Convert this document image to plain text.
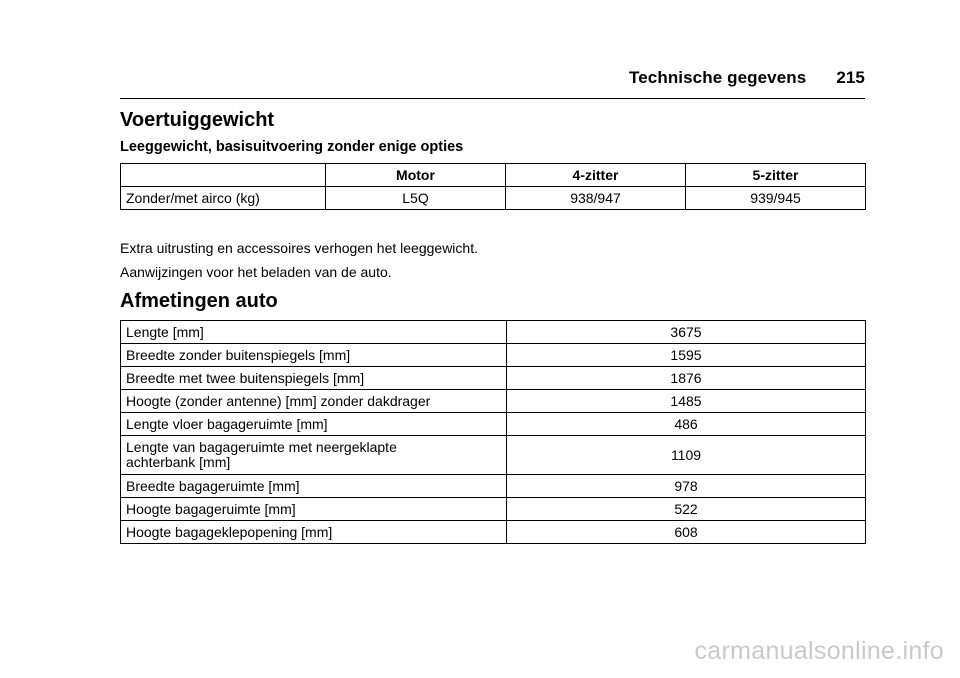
Technische gegevens 215
Voertuiggewicht
Leeggewicht, basisuitvoering zonder enige opties
	Motor	4-zitter	5-zitter
Zonder/met airco (kg)	L5Q	938/947	939/945

Extra uitrusting en accessoires verhogen het leeggewicht.

Aanwijzingen voor het beladen van de auto.

Afmetingen auto
Lengte [mm]	3675
Breedte zonder buitenspiegels [mm]	1595
Breedte met twee buitenspiegels [mm]	1876
Hoogte (zonder antenne) [mm] zonder dakdrager	1485
Lengte vloer bagageruimte [mm]	486
Lengte van bagageruimte met neergeklapte
achterbank [mm]	1109
Breedte bagageruimte [mm]	978
Hoogte bagageruimte [mm]	522
Hoogte bagageklepopening [mm]	608
carmanualsonline.info
